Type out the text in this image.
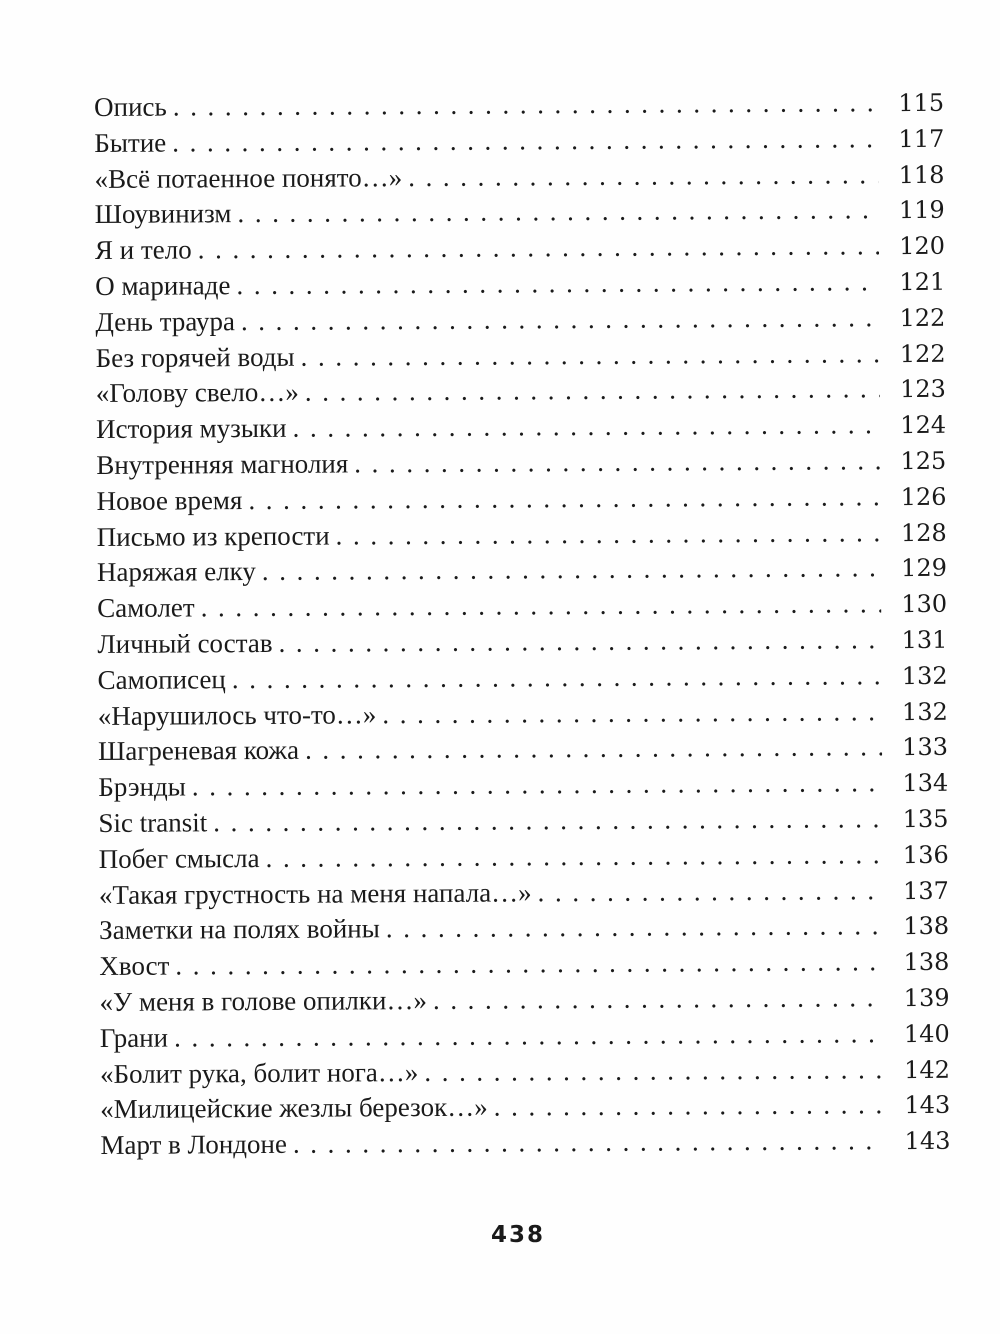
Опись .....	115
Бытие .....	117
«Всё потаенное понято…» .....	118
Шоувинизм .....	119
Я и тело .....	120
О маринаде .....	121
День траура .....	122
Без горячей воды .....	122
«Голову свело…» .....	123
История музыки .....	124
Внутренняя магнолия .....	125
Новое время .....	126
Письмо из крепости .....	128
Наряжая елку .....	129
Самолет .....	130
Личный состав .....	131
Самописец .....	132
«Нарушилось что-то…» .....	132
Шагреневая кожа .....	133
Брэнды .....	134
Sic transit .....	135
Побег смысла .....	136
«Такая грустность на меня напала…» .....	137
Заметки на полях войны .....	138
Хвост .....	138
«У меня в голове опилки…» .....	139
Грани .....	140
«Болит рука, болит нога…» .....	142
«Милицейские жезлы березок…» .....	143
Март в Лондоне .....	143
438
